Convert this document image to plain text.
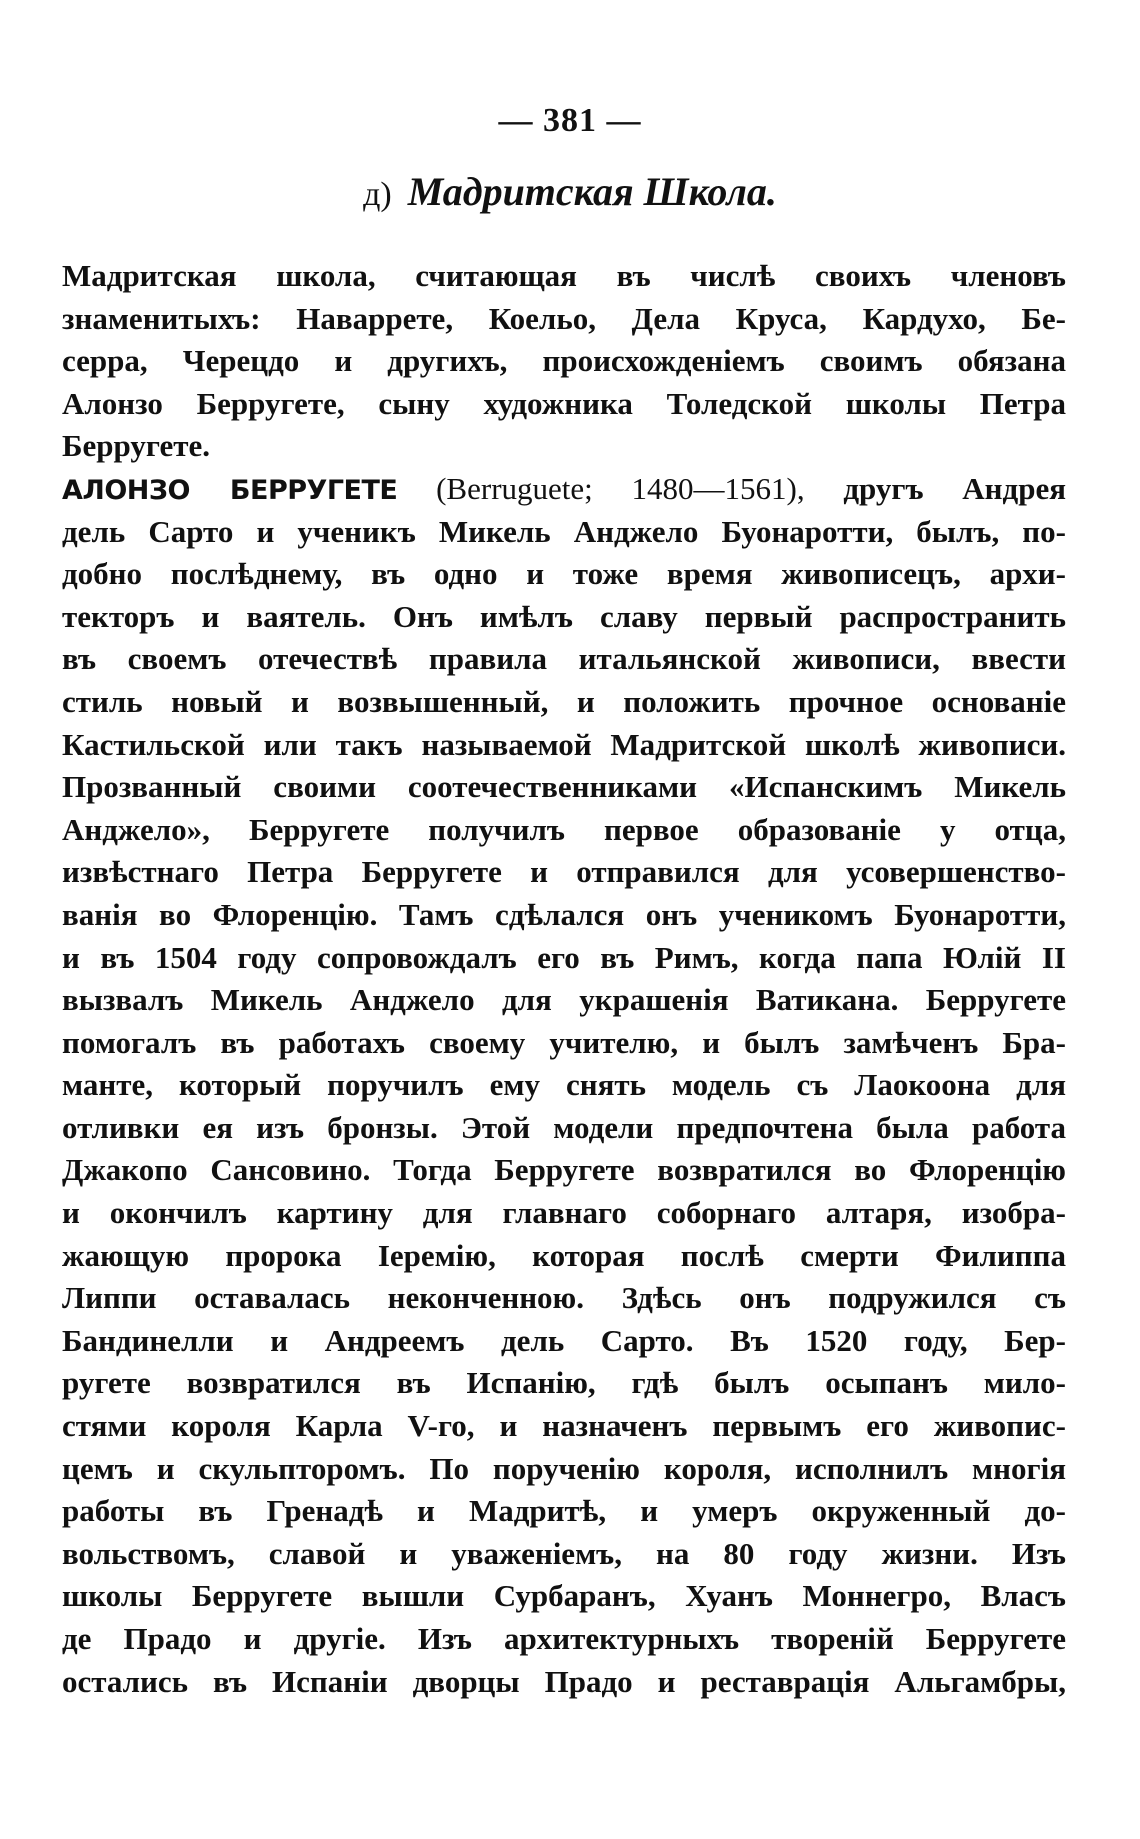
— 381 —
д) Мадритская Школа.
Мадритская школа, считающая въ числѣ своихъ членовъ
знаменитыхъ: Наваррете, Коельо, Дела Круса, Кардухо, Бе-
серра, Черецдо и другихъ, происхожденіемъ своимъ обязана
Алонзо Берругете, сыну художника Толедской школы Петра
Берругете.
АЛОНЗО БЕРРУГЕТЕ (Berruguete; 1480—1561), другъ Андрея
дель Сарто и ученикъ Микель Анджело Буонаротти, былъ, по-
добно послѣднему, въ одно и тоже время живописецъ, архи-
текторъ и ваятель. Онъ имѣлъ славу первый распространить
въ своемъ отечествѣ правила итальянской живописи, ввести
стиль новый и возвышенный, и положить прочное основаніе
Кастильской или такъ называемой Мадритской школѣ живописи.
Прозванный своими соотечественниками «Испанскимъ Микель
Анджело», Берругете получилъ первое образованіе у отца,
извѣстнаго Петра Берругете и отправился для усовершенство-
ванія во Флоренцію. Тамъ сдѣлался онъ ученикомъ Буонаротти,
и въ 1504 году сопровождалъ его въ Римъ, когда папа Юлій II
вызвалъ Микель Анджело для украшенія Ватикана. Берругете
помогалъ въ работахъ своему учителю, и былъ замѣченъ Бра-
манте, который поручилъ ему снять модель съ Лаокоона для
отливки ея изъ бронзы. Этой модели предпочтена была работа
Джакопо Сансовино. Тогда Берругете возвратился во Флоренцію
и окончилъ картину для главнаго соборнаго алтаря, изобра-
жающую пророка Іеремію, которая послѣ смерти Филиппа
Липпи оставалась неконченною. Здѣсь онъ подружился съ
Бандинелли и Андреемъ дель Сарто. Въ 1520 году, Бер-
ругете возвратился въ Испанію, гдѣ былъ осыпанъ мило-
стями короля Карла V-го, и назначенъ первымъ его живопис-
цемъ и скульпторомъ. По порученію короля, исполнилъ многія
работы въ Гренадѣ и Мадритѣ, и умеръ окруженный до-
вольствомъ, славой и уваженіемъ, на 80 году жизни. Изъ
школы Берругете вышли Сурбаранъ, Хуанъ Моннегро, Власъ
де Прадо и другіе. Изъ архитектурныхъ твореній Берругете
остались въ Испаніи дворцы Прадо и реставрація Альгамбры,
